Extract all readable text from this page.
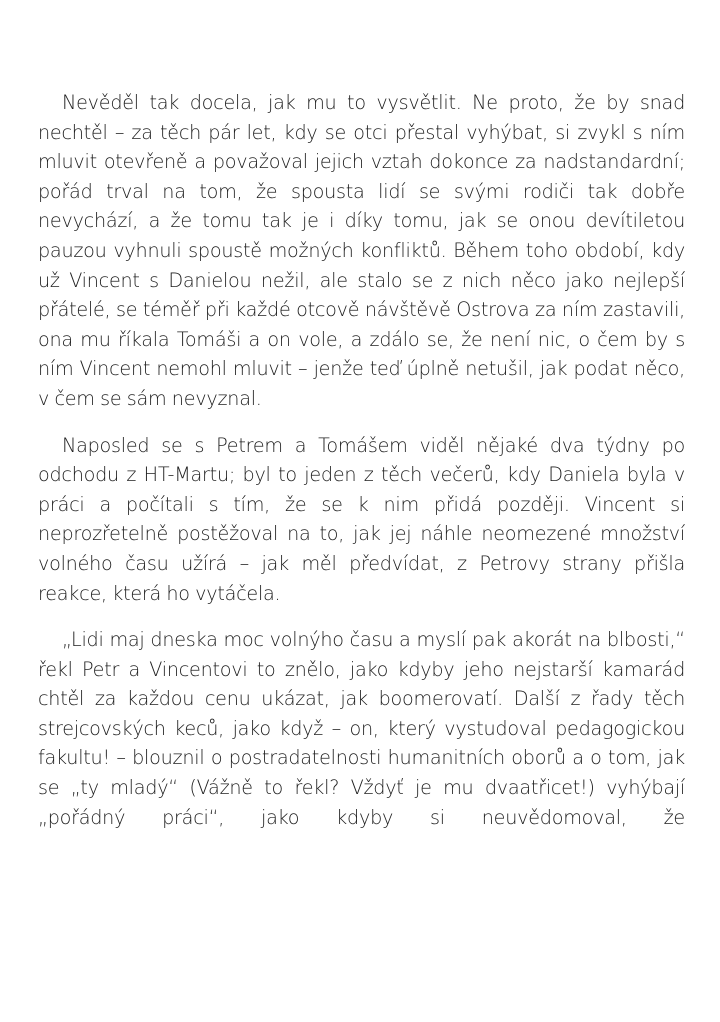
Nevěděl tak docela, jak mu to vysvětlit. Ne proto, že by snad nechtěl – za těch pár let, kdy se otci přestal vyhýbat, si zvykl s ním mluvit otevřeně a považoval jejich vztah dokonce za nadstandardní; pořád trval na tom, že spousta lidí se svými rodiči tak dobře nevychází, a že tomu tak je i díky tomu, jak se onou devítiletou pauzou vyhnuli spoustě možných konfliktů. Během toho období, kdy už Vincent s Danielou nežil, ale stalo se z nich něco jako nejlepší přátelé, se téměř při každé otcově návštěvě Ostrova za ním zastavili, ona mu říkala Tomáši a on vole, a zdálo se, že není nic, o čem by s ním Vincent nemohl mluvit – jenže teď úplně netušil, jak podat něco, v čem se sám nevyznal.

Naposled se s Petrem a Tomášem viděl nějaké dva týdny po odchodu z HT-Martu; byl to jeden z těch večerů, kdy Daniela byla v práci a počítali s tím, že se k nim přidá později. Vincent si neprozřetelně postěžoval na to, jak jej náhle neomezené množství volného času užírá – jak měl předvídat, z Petrovy strany přišla reakce, která ho vytáčela.

„Lidi maj dneska moc volnýho času a myslí pak akorát na blbosti,“ řekl Petr a Vincentovi to znělo, jako kdyby jeho nejstarší kamarád chtěl za každou cenu ukázat, jak boomerovatí. Další z řady těch strejcovských keců, jako když – on, který vystudoval pedagogickou fakultu! – blouznil o postradatelnosti humanitních oborů a o tom, jak se „ty mladý“ (Vážně to řekl? Vždyť je mu dvaatřicet!) vyhýbají „pořádný práci“, jako kdyby si neuvědomoval, že
